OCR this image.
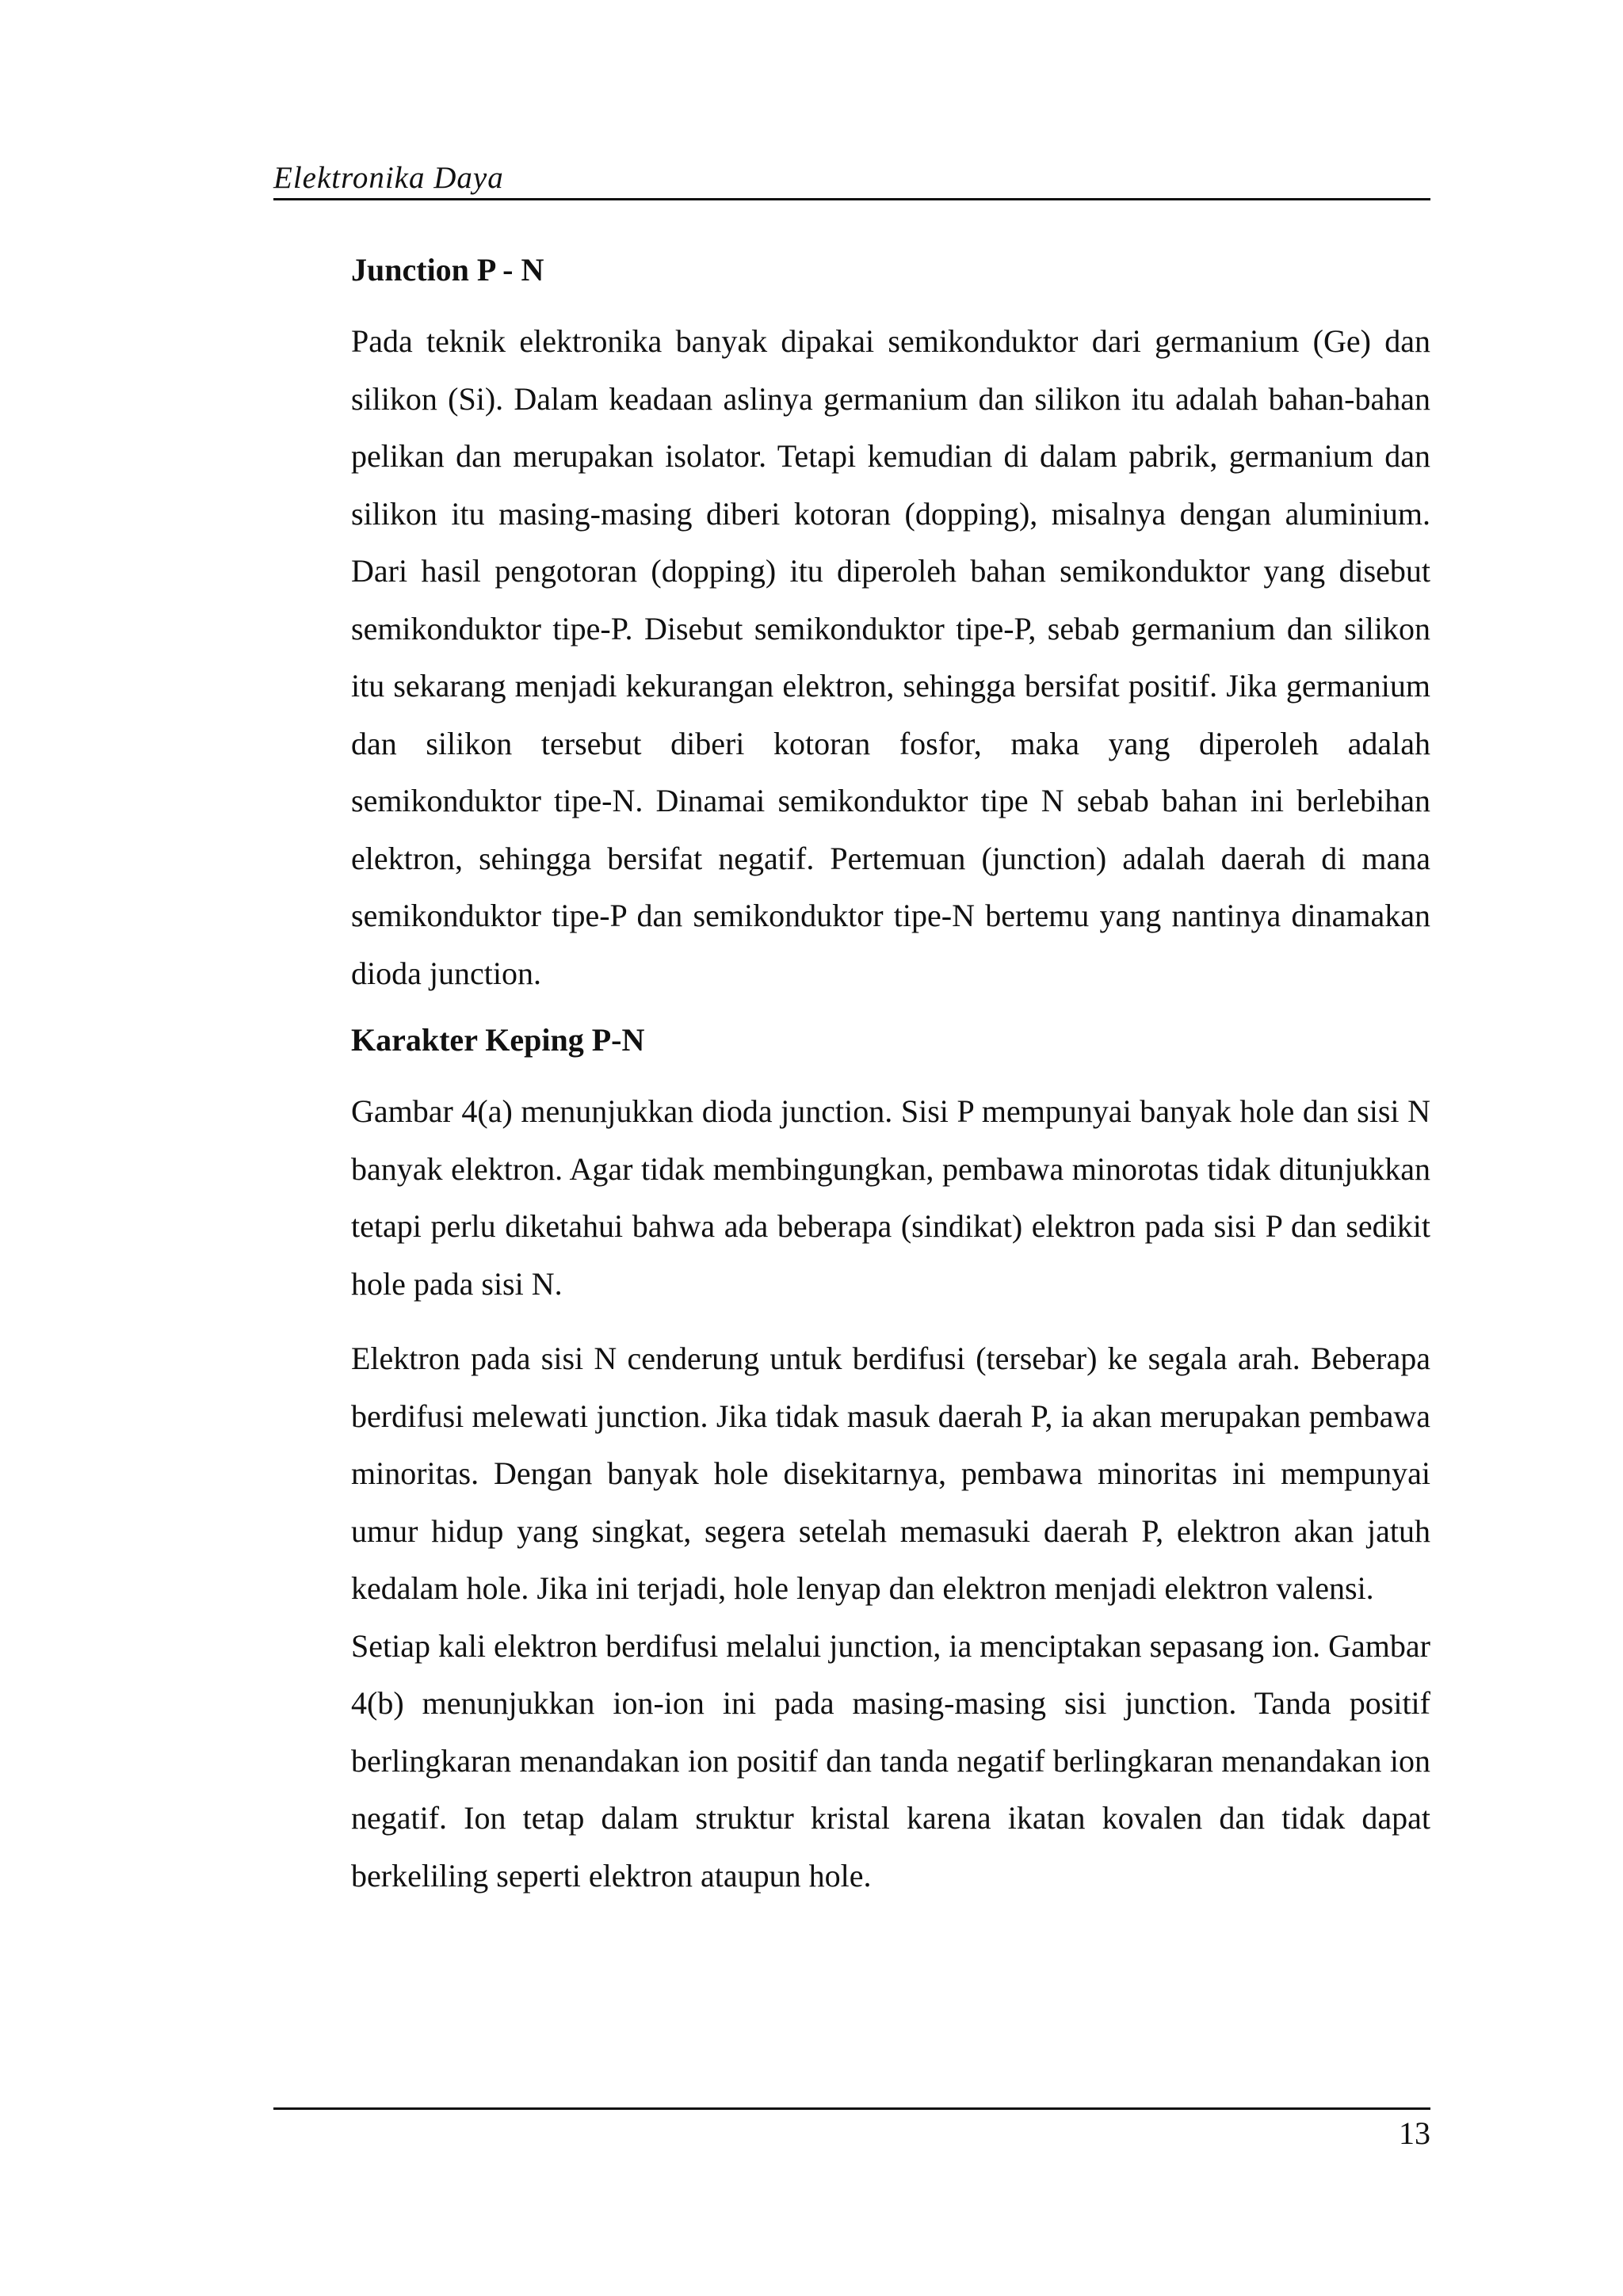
Elektronika Daya
Junction P - N

Pada teknik elektronika banyak dipakai semikonduktor dari germanium (Ge) dan silikon (Si). Dalam keadaan aslinya germanium dan silikon itu adalah bahan-bahan pelikan dan merupakan isolator. Tetapi kemudian di dalam pabrik, germanium dan silikon itu masing-masing diberi kotoran (dopping), misalnya dengan aluminium. Dari hasil pengotoran (dopping) itu diperoleh bahan semikonduktor yang disebut semikonduktor tipe-P. Disebut semikonduktor tipe-P, sebab germanium dan silikon itu sekarang menjadi kekurangan elektron, sehingga bersifat positif. Jika germanium dan silikon tersebut diberi kotoran fosfor, maka yang diperoleh adalah semikonduktor tipe-N. Dinamai semikonduktor tipe N sebab bahan ini berlebihan elektron, sehingga bersifat negatif. Pertemuan (junction) adalah daerah di mana semikonduktor tipe-P dan semikonduktor tipe-N bertemu yang nantinya dinamakan dioda junction.

Karakter Keping P-N

Gambar 4(a) menunjukkan dioda junction. Sisi P mempunyai banyak hole dan sisi N banyak elektron. Agar tidak membingungkan, pembawa minorotas tidak ditunjukkan tetapi perlu diketahui bahwa ada beberapa (sindikat) elektron pada sisi P dan sedikit hole pada sisi N.

Elektron pada sisi N cenderung untuk berdifusi (tersebar) ke segala arah. Beberapa berdifusi melewati junction. Jika tidak masuk daerah P, ia akan merupakan pembawa minoritas. Dengan banyak hole disekitarnya, pembawa minoritas ini mempunyai umur hidup yang singkat, segera setelah memasuki daerah P, elektron akan jatuh kedalam hole. Jika ini terjadi, hole lenyap dan elektron menjadi elektron valensi.

Setiap kali elektron berdifusi melalui junction, ia menciptakan sepasang ion. Gambar 4(b) menunjukkan ion-ion ini pada masing-masing sisi junction. Tanda positif berlingkaran menandakan ion positif dan tanda negatif berlingkaran menandakan ion negatif. Ion tetap dalam struktur kristal karena ikatan kovalen dan tidak dapat berkeliling seperti elektron ataupun hole.

13
